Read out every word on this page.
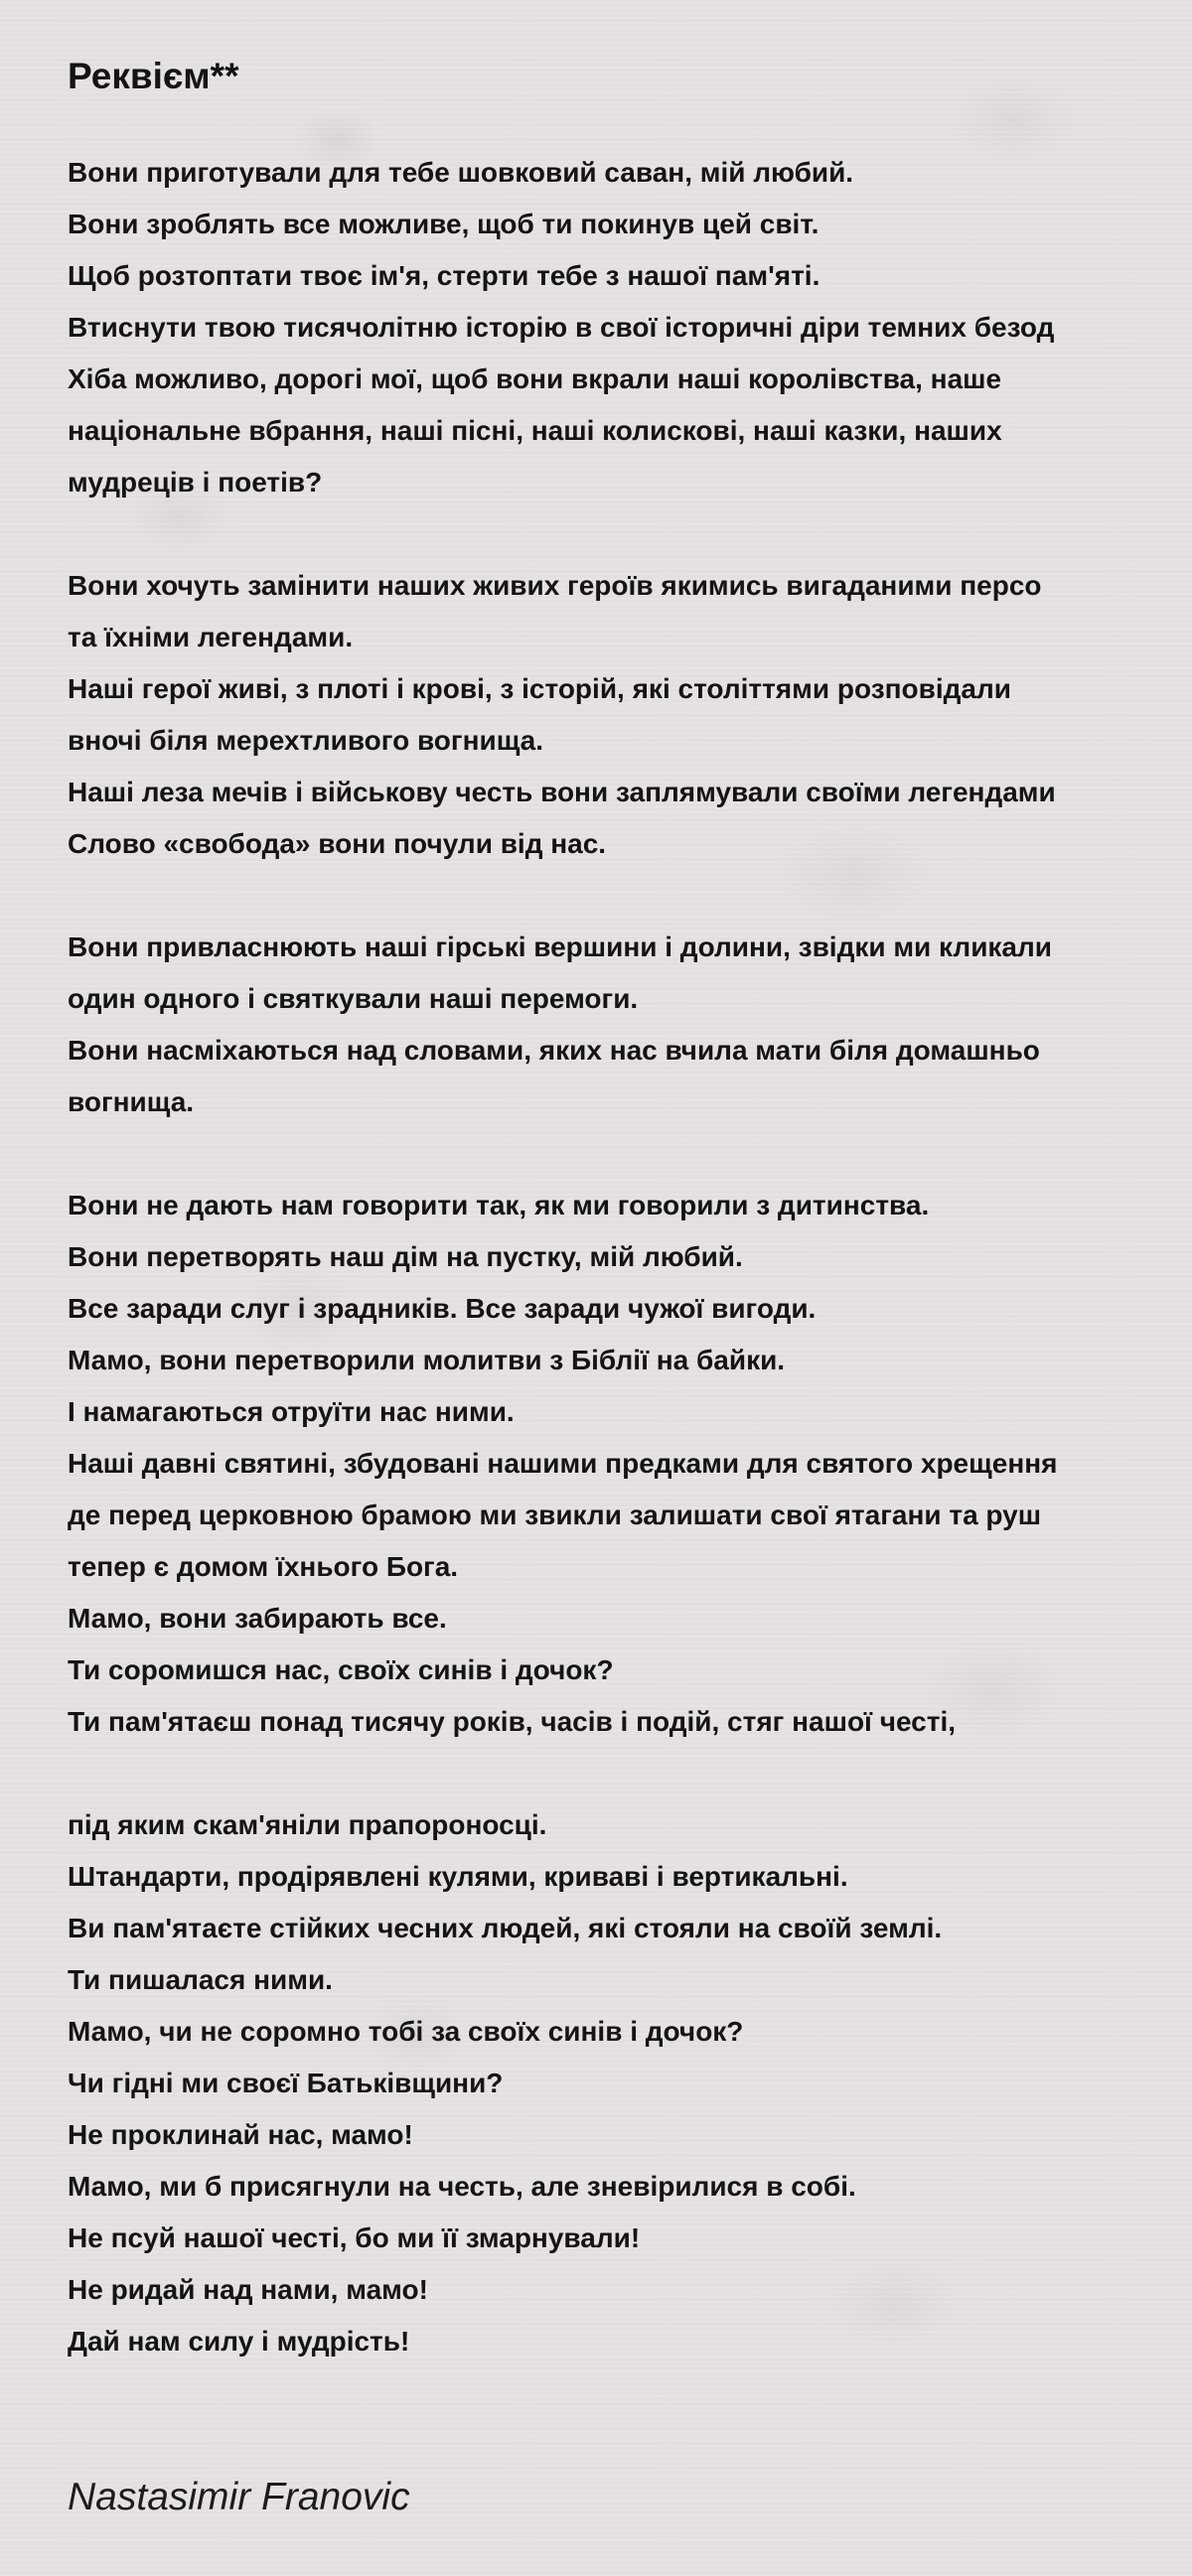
Реквієм**
Вони приготували для тебе шовковий саван, мій любий.
Вони зроблять все можливе, щоб ти покинув цей світ.
Щоб розтоптати твоє ім'я, стерти тебе з нашої пам'яті.
Втиснути твою тисячолітню історію в свої історичні діри темних безод
Хіба можливо, дорогі мої, щоб вони вкрали наші королівства, наше
національне вбрання, наші пісні, наші колискові, наші казки, наших
мудреців і поетів?
Вони хочуть замінити наших живих героїв якимись вигаданими персо
та їхніми легендами.
Наші герої живі, з плоті і крові, з історій, які століттями розповідали
вночі біля мерехтливого вогнища.
Наші леза мечів і військову честь вони заплямували своїми легендами
Слово «свобода» вони почули від нас.
Вони привласнюють наші гірські вершини і долини, звідки ми кликали
один одного і святкували наші перемоги.
Вони насміхаються над словами, яких нас вчила мати біля домашньо
вогнища.
Вони не дають нам говорити так, як ми говорили з дитинства.
Вони перетворять наш дім на пустку, мій любий.
Все заради слуг і зрадників. Все заради чужої вигоди.
Мамо, вони перетворили молитви з Біблії на байки.
І намагаються отруїти нас ними.
Наші давні святині, збудовані нашими предками для святого хрещення
де перед церковною брамою ми звикли залишати свої ятагани та руш
тепер є домом їхнього Бога.
Мамо, вони забирають все.
Ти соромишся нас, своїх синів і дочок?
Ти пам'ятаєш понад тисячу років, часів і подій, стяг нашої честі,
під яким скам'яніли прапороносці.
Штандарти, продірявлені кулями, криваві і вертикальні.
Ви пам'ятаєте стійких чесних людей, які стояли на своїй землі.
Ти пишалася ними.
Мамо, чи не соромно тобі за своїх синів і дочок?
Чи гідні ми своєї Батьківщини?
Не проклинай нас, мамо!
Мамо, ми б присягнули на честь, але зневірилися в собі.
Не псуй нашої честі, бо ми її змарнували!
Не ридай над нами, мамо!
Дай нам силу і мудрість!
Nastasimir Franovic
